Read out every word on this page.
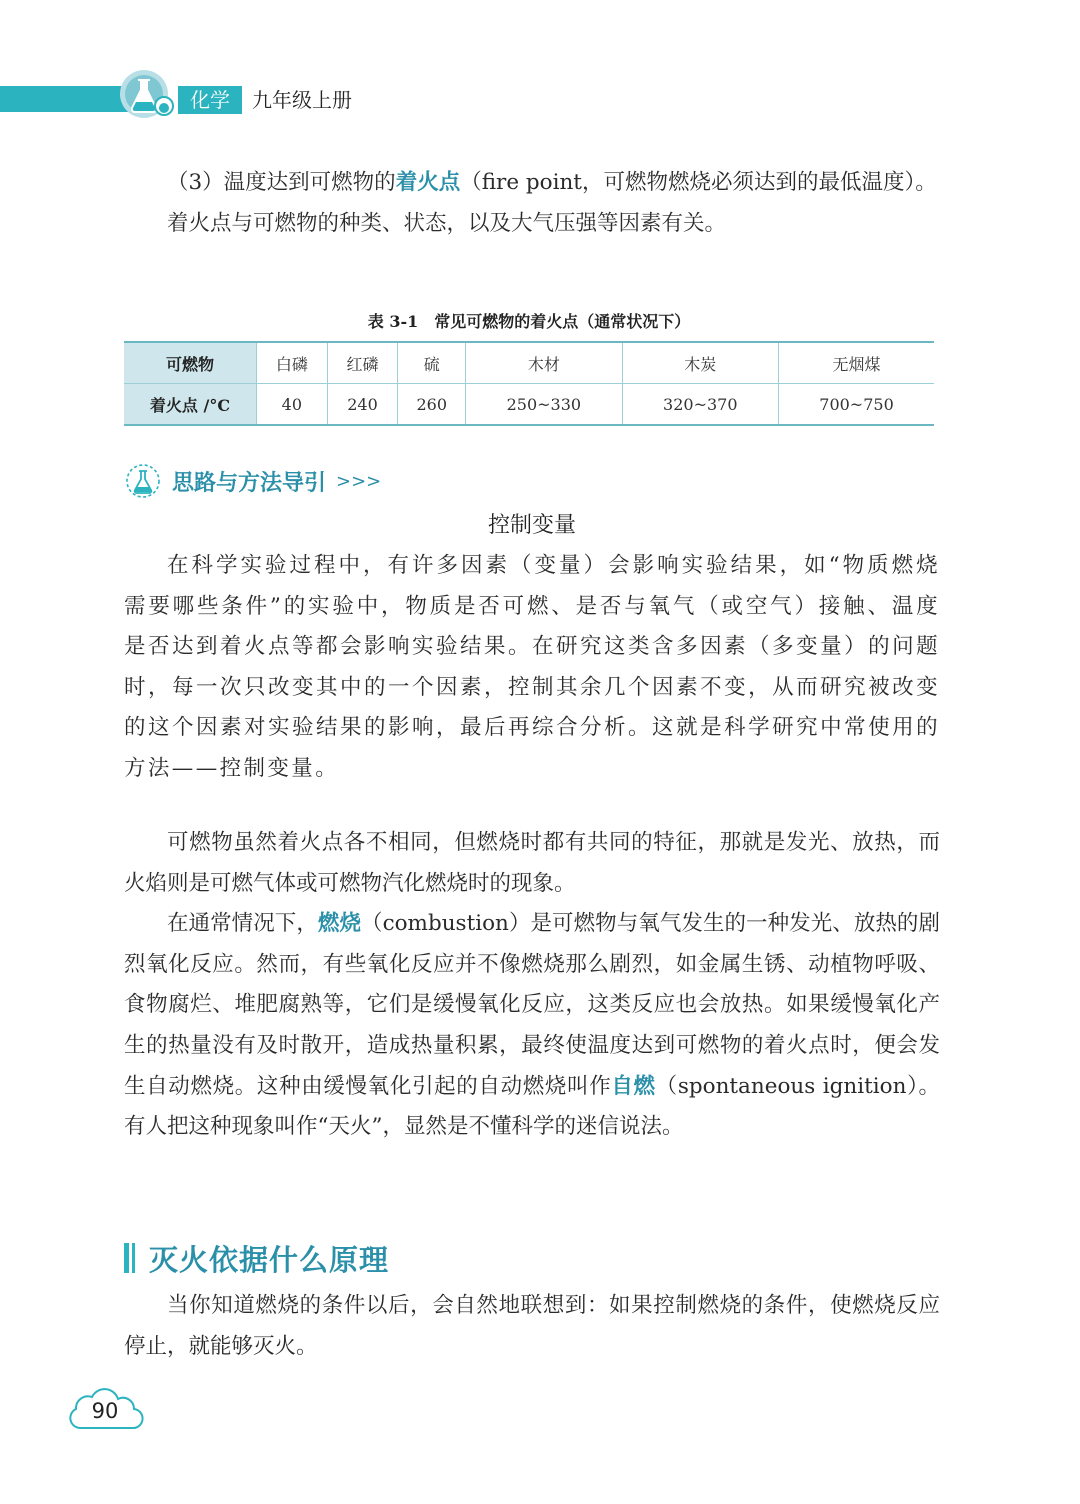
化学	九年级上册

（3）温度达到可燃物的着火点（fire point，可燃物燃烧必须达到的最低温度）。

着火点与可燃物的种类、状态，以及大气压强等因素有关。

表 3-1　常见可燃物的着火点（通常状况下）
可燃物	白磷	红磷	硫	木材	木炭	无烟煤
着火点 /°C	40	240	260	250~330	320~370	700~750
思路与方法导引 >>>
控制变量

在科学实验过程中，有许多因素（变量）会影响实验结果，如“物质燃烧需要哪些条件”的实验中，物质是否可燃、是否与氧气（或空气）接触、温度是否达到着火点等都会影响实验结果。在研究这类含多因素（多变量）的问题时，每一次只改变其中的一个因素，控制其余几个因素不变，从而研究被改变的这个因素对实验结果的影响，最后再综合分析。这就是科学研究中常使用的方法——控制变量。

可燃物虽然着火点各不相同，但燃烧时都有共同的特征，那就是发光、放热，而火焰则是可燃气体或可燃物汽化燃烧时的现象。

在通常情况下，燃烧（combustion）是可燃物与氧气发生的一种发光、放热的剧烈氧化反应。然而，有些氧化反应并不像燃烧那么剧烈，如金属生锈、动植物呼吸、食物腐烂、堆肥腐熟等，它们是缓慢氧化反应，这类反应也会放热。如果缓慢氧化产生的热量没有及时散开，造成热量积累，最终使温度达到可燃物的着火点时，便会发生自动燃烧。这种由缓慢氧化引起的自动燃烧叫作自燃（spontaneous ignition）。有人把这种现象叫作“天火”，显然是不懂科学的迷信说法。

灭火依据什么原理

当你知道燃烧的条件以后，会自然地联想到：如果控制燃烧的条件，使燃烧反应停止，就能够灭火。

90
